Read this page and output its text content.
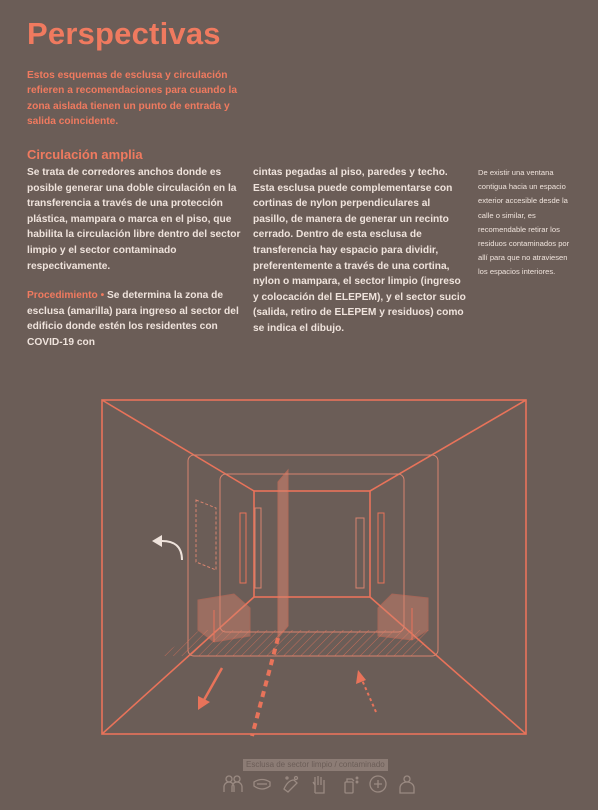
Perspectivas
Estos esquemas de esclusa y circulación refieren a recomendaciones para cuando la zona aislada tienen un punto de entrada y salida coincidente.
Circulación amplia

Se trata de corredores anchos donde es posible generar una doble circulación en la transferencia a través de una protección plástica, mampara o marca en el piso, que habilita la circulación libre dentro del sector limpio y el sector contaminado respectivamente.

Procedimiento • Se determina la zona de esclusa (amarilla) para ingreso al sector del edificio donde estén los residentes con COVID-19 con

cintas pegadas al piso, paredes y techo. Esta esclusa puede complementarse con cortinas de nylon perpendiculares al pasillo, de manera de generar un recinto cerrado. Dentro de esta esclusa de transferencia hay espacio para dividir, preferentemente a través de una cortina, nylon o mampara, el sector limpio (ingreso y colocación del ELEPEM), y el sector sucio (salida, retiro de ELEPEM y residuos) como se indica el dibujo.

De existir una ventana contigua hacia un espacio exterior accesible desde la calle o similar, es recomendable retirar los residuos contaminados por allí para que no atraviesen los espacios interiores.

Esclusa de sector limpio / contaminado
